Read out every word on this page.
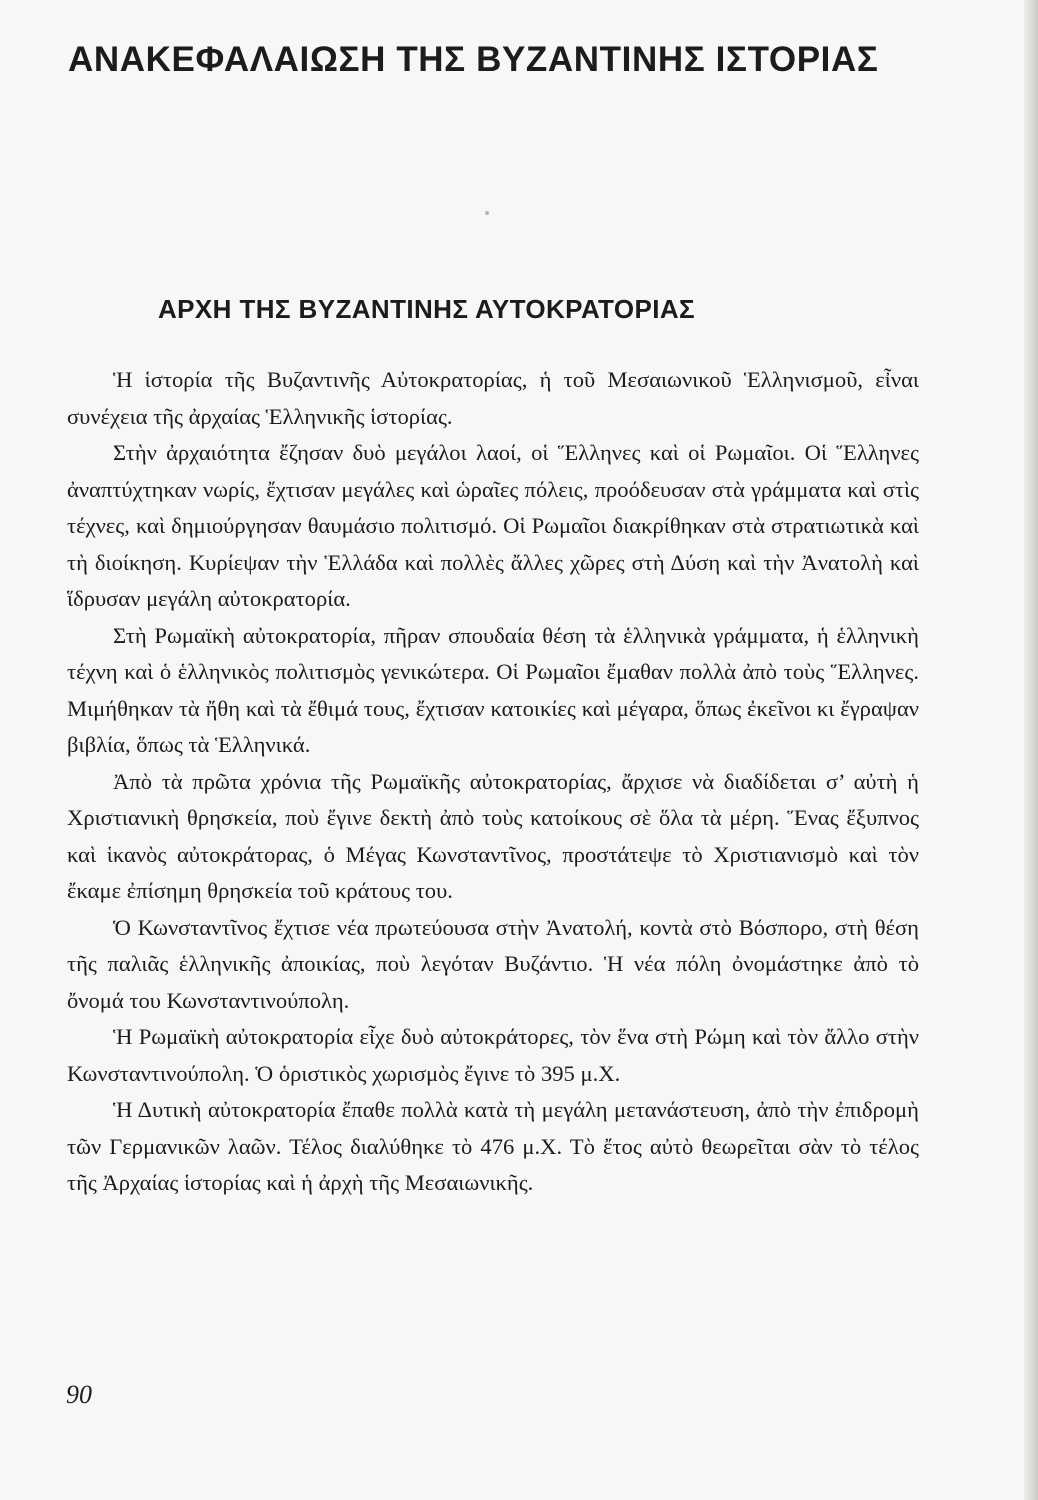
ΑΝΑΚΕΦΑΛΑΙΩΣΗ ΤΗΣ ΒΥΖΑΝΤΙΝΗΣ ΙΣΤΟΡΙΑΣ
ΑΡΧΗ ΤΗΣ ΒΥΖΑΝΤΙΝΗΣ ΑΥΤΟΚΡΑΤΟΡΙΑΣ

Ἡ ἱστορία τῆς Βυζαντινῆς Αὐτοκρατορίας, ἡ τοῦ Μεσαιωνικοῦ Ἑλληνισμοῦ, εἶναι συνέχεια τῆς ἀρχαίας Ἑλληνικῆς ἱστορίας.

Στὴν ἀρχαιότητα ἔζησαν δυὸ μεγάλοι λαοί, οἱ Ἕλληνες καὶ οἱ Ρωμαῖοι. Οἱ Ἕλληνες ἀναπτύχτηκαν νωρίς, ἔχτισαν μεγάλες καὶ ὡραῖες πόλεις, προόδευσαν στὰ γράμματα καὶ στὶς τέχνες, καὶ δημιούργησαν θαυμάσιο πολιτισμό. Οἱ Ρωμαῖοι διακρίθηκαν στὰ στρατιωτικὰ καὶ τὴ διοίκηση. Κυρίεψαν τὴν Ἑλλάδα καὶ πολλὲς ἄλλες χῶρες στὴ Δύση καὶ τὴν Ἀνατολὴ καὶ ἵδρυσαν μεγάλη αὐτοκρατορία.

Στὴ Ρωμαϊκὴ αὐτοκρατορία, πῆραν σπουδαία θέση τὰ ἑλληνικὰ γράμματα, ἡ ἑλληνικὴ τέχνη καὶ ὁ ἑλληνικὸς πολιτισμὸς γενικώτερα. Οἱ Ρωμαῖοι ἔμαθαν πολλὰ ἀπὸ τοὺς Ἕλληνες. Μιμήθηκαν τὰ ἤθη καὶ τὰ ἔθιμά τους, ἔχτισαν κατοικίες καὶ μέγαρα, ὅπως ἐκεῖνοι κι ἔγραψαν βιβλία, ὅπως τὰ Ἑλληνικά.

Ἀπὸ τὰ πρῶτα χρόνια τῆς Ρωμαϊκῆς αὐτοκρατορίας, ἄρχισε νὰ διαδίδεται σ’ αὐτὴ ἡ Χριστιανικὴ θρησκεία, ποὺ ἔγινε δεκτὴ ἀπὸ τοὺς κατοίκους σὲ ὅλα τὰ μέρη. Ἕνας ἔξυπνος καὶ ἱκανὸς αὐτοκράτορας, ὁ Μέγας Κωνσταντῖνος, προστάτεψε τὸ Χριστιανισμὸ καὶ τὸν ἔκαμε ἐπίσημη θρησκεία τοῦ κράτους του.

Ὁ Κωνσταντῖνος ἔχτισε νέα πρωτεύουσα στὴν Ἀνατολή, κοντὰ στὸ Βόσπορο, στὴ θέση τῆς παλιᾶς ἑλληνικῆς ἀποικίας, ποὺ λεγόταν Βυζάντιο. Ἡ νέα πόλη ὀνομάστηκε ἀπὸ τὸ ὄνομά του Κωνσταντινούπολη.

Ἡ Ρωμαϊκὴ αὐτοκρατορία εἶχε δυὸ αὐτοκράτορες, τὸν ἕνα στὴ Ρώμη καὶ τὸν ἄλλο στὴν Κωνσταντινούπολη. Ὁ ὁριστικὸς χωρισμὸς ἔγινε τὸ 395 μ.Χ.

Ἡ Δυτικὴ αὐτοκρατορία ἔπαθε πολλὰ κατὰ τὴ μεγάλη μετανάστευση, ἀπὸ τὴν ἐπιδρομὴ τῶν Γερμανικῶν λαῶν. Τέλος διαλύθηκε τὸ 476 μ.Χ. Τὸ ἔτος αὐτὸ θεωρεῖται σὰν τὸ τέλος τῆς Ἀρχαίας ἱστορίας καὶ ἡ ἀρχὴ τῆς Μεσαιωνικῆς.

90
